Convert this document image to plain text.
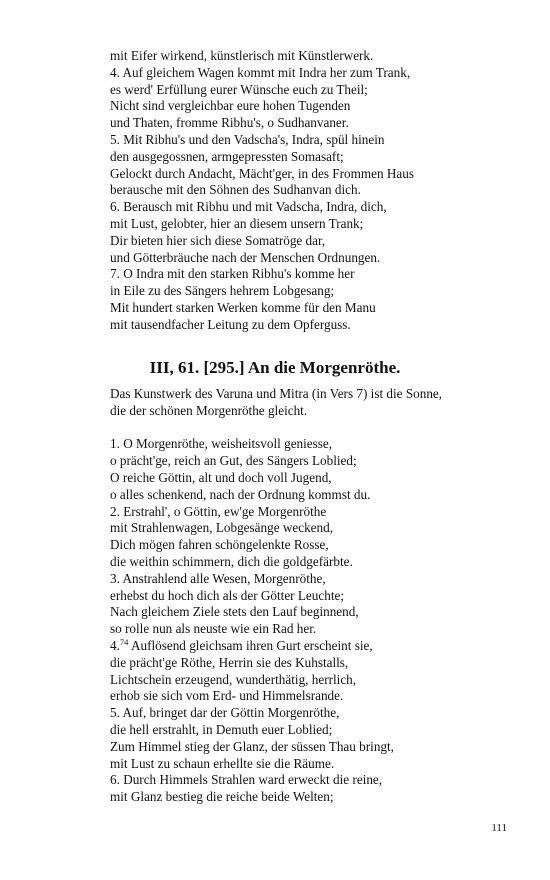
mit Eifer wirkend, künstlerisch mit Künstlerwerk.
4. Auf gleichem Wagen kommt mit Indra her zum Trank,
es werd' Erfüllung eurer Wünsche euch zu Theil;
Nicht sind vergleichbar eure hohen Tugenden
und Thaten, fromme Ribhu's, o Sudhanvaner.
5. Mit Ribhu's und den Vadscha's, Indra, spül hinein
den ausgegossnen, armgepressten Somasaft;
Gelockt durch Andacht, Mächt'ger, in des Frommen Haus
berausche mit den Söhnen des Sudhanvan dich.
6. Berausch mit Ribhu und mit Vadscha, Indra, dich,
mit Lust, gelobter, hier an diesem unsern Trank;
Dir bieten hier sich diese Somatröge dar,
und Götterbräuche nach der Menschen Ordnungen.
7. O Indra mit den starken Ribhu's komme her
in Eile zu des Sängers hehrem Lobgesang;
Mit hundert starken Werken komme für den Manu
mit tausendfacher Leitung zu dem Opferguss.
III, 61. [295.] An die Morgenröthe.
Das Kunstwerk des Varuna und Mitra (in Vers 7) ist die Sonne,
die der schönen Morgenröthe gleicht.
1. O Morgenröthe, weisheitsvoll geniesse,
o prächt'ge, reich an Gut, des Sängers Loblied;
O reiche Göttin, alt und doch voll Jugend,
o alles schenkend, nach der Ordnung kommst du.
2. Erstrahl', o Göttin, ew'ge Morgenröthe
mit Strahlenwagen, Lobgesänge weckend,
Dich mögen fahren schöngelenkte Rosse,
die weithin schimmern, dich die goldgefärbte.
3. Anstrahlend alle Wesen, Morgenröthe,
erhebst du hoch dich als der Götter Leuchte;
Nach gleichem Ziele stets den Lauf beginnend,
so rolle nun als neuste wie ein Rad her.
4.74 Auflösend gleichsam ihren Gurt erscheint sie,
die prächt'ge Röthe, Herrin sie des Kuhstalls,
Lichtschein erzeugend, wunderthätig, herrlich,
erhob sie sich vom Erd- und Himmelsrande.
5. Auf, bringet dar der Göttin Morgenröthe,
die hell erstrahlt, in Demuth euer Loblied;
Zum Himmel stieg der Glanz, der süssen Thau bringt,
mit Lust zu schaun erhellte sie die Räume.
6. Durch Himmels Strahlen ward erweckt die reine,
mit Glanz bestieg die reiche beide Welten;
111
